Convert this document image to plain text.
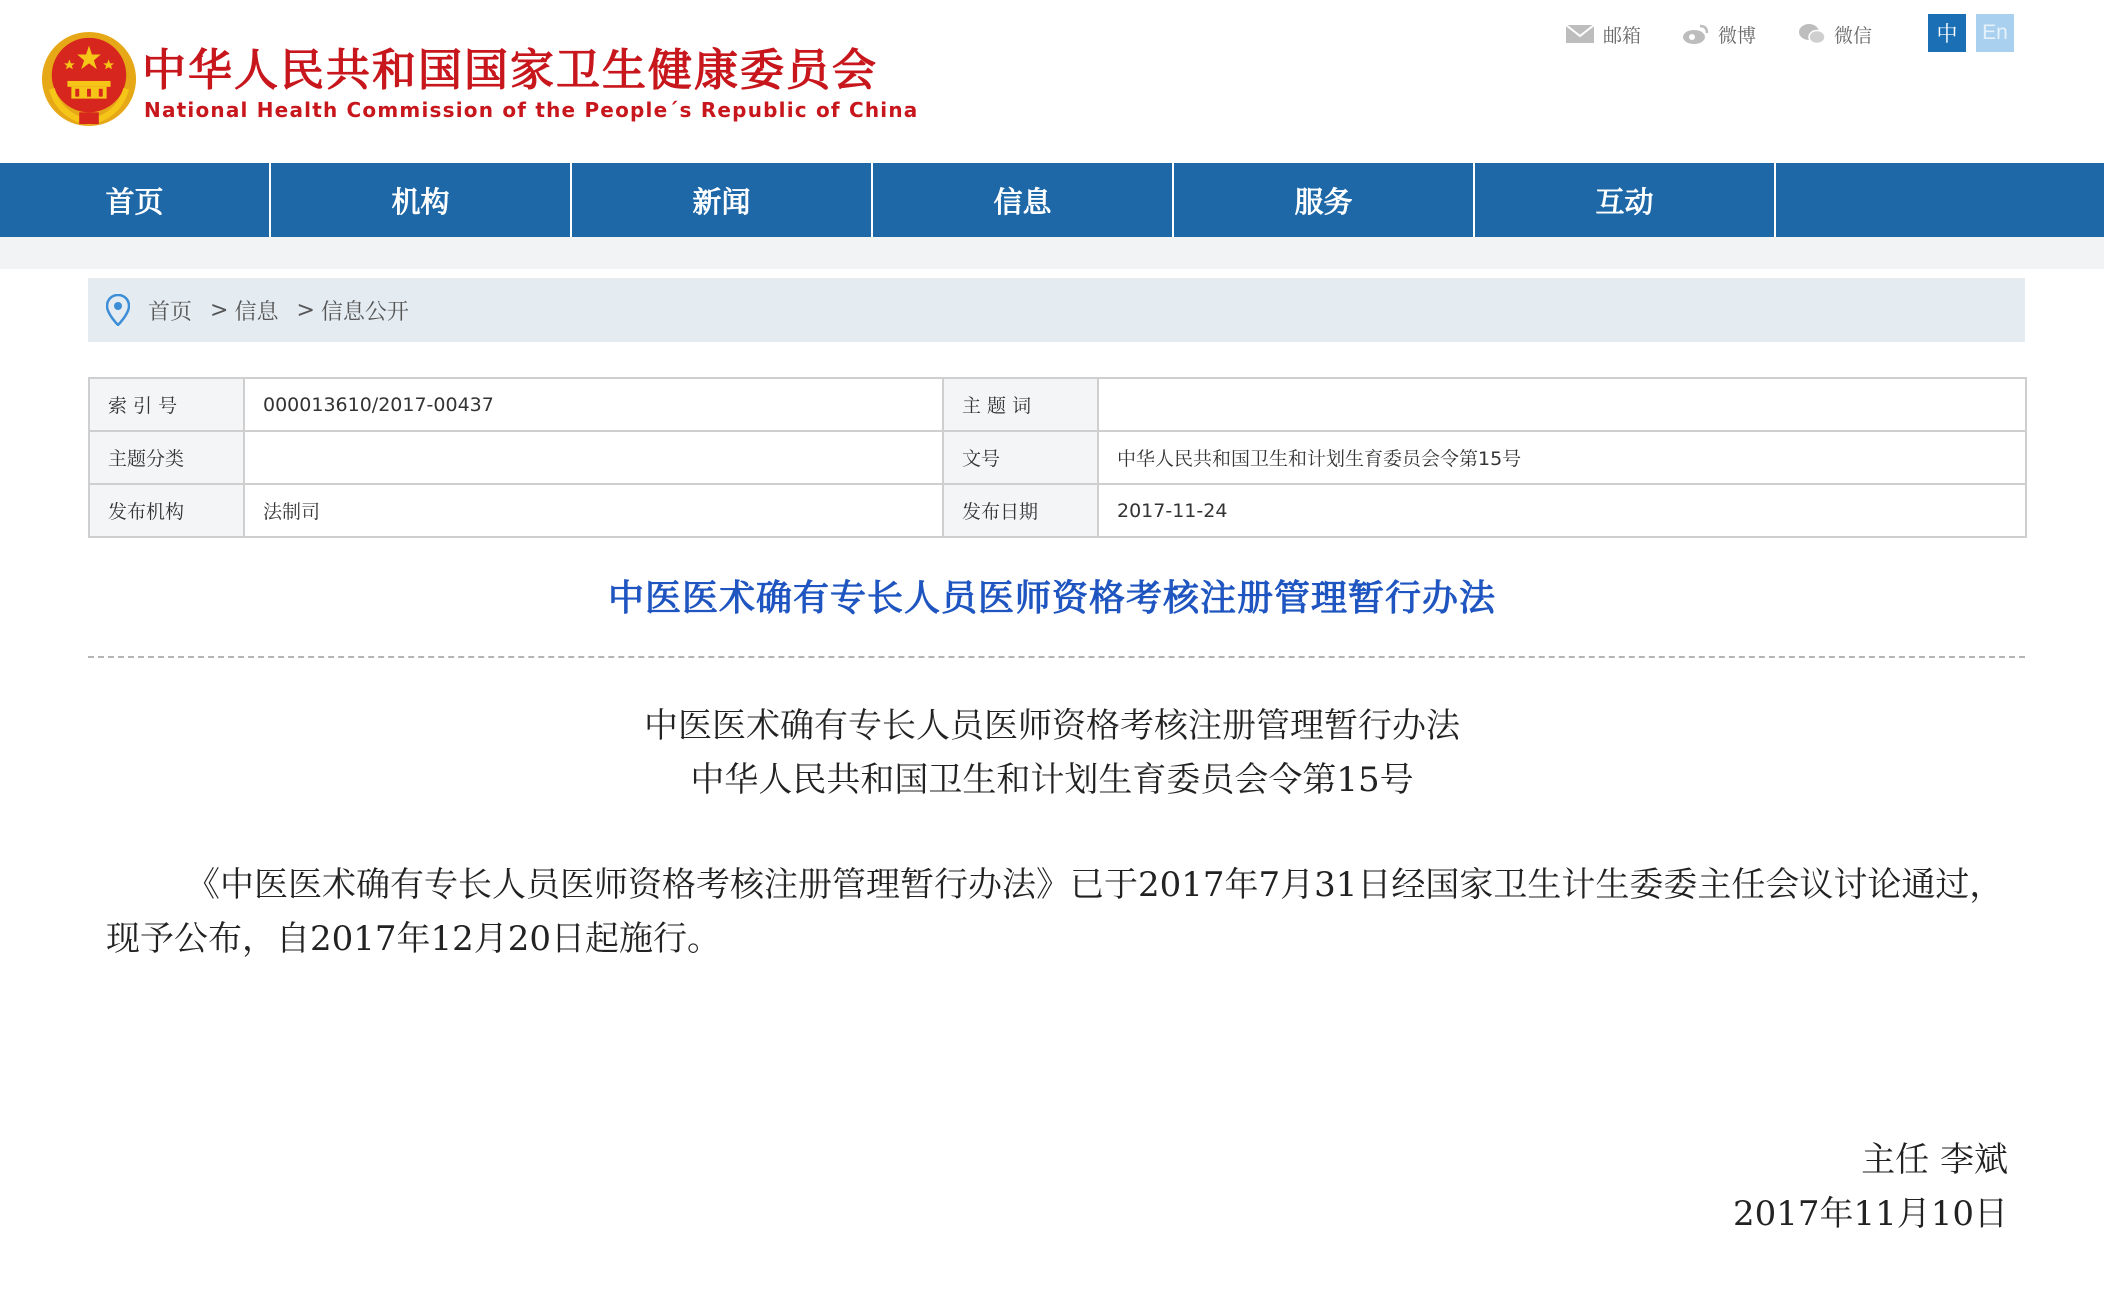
中华人民共和国国家卫生健康委员会
National Health Commission of the People´s Republic of China
邮箱	微博	微信	中	En
首页	机构	新闻	信息	服务	互动
首页 > 信息 > 信息公开
索 引 号	000013610/2017-00437	主 题 词	
主题分类		文号	中华人民共和国卫生和计划生育委员会令第15号
发布机构	法制司	发布日期	2017-11-24
中医医术确有专长人员医师资格考核注册管理暂行办法
中医医术确有专长人员医师资格考核注册管理暂行办法
中华人民共和国卫生和计划生育委员会令第15号

《中医医术确有专长人员医师资格考核注册管理暂行办法》已于2017年7月31日经国家卫生计生委委主任会议讨论通过，现予公布，自2017年12月20日起施行。

主任 李斌
2017年11月10日
